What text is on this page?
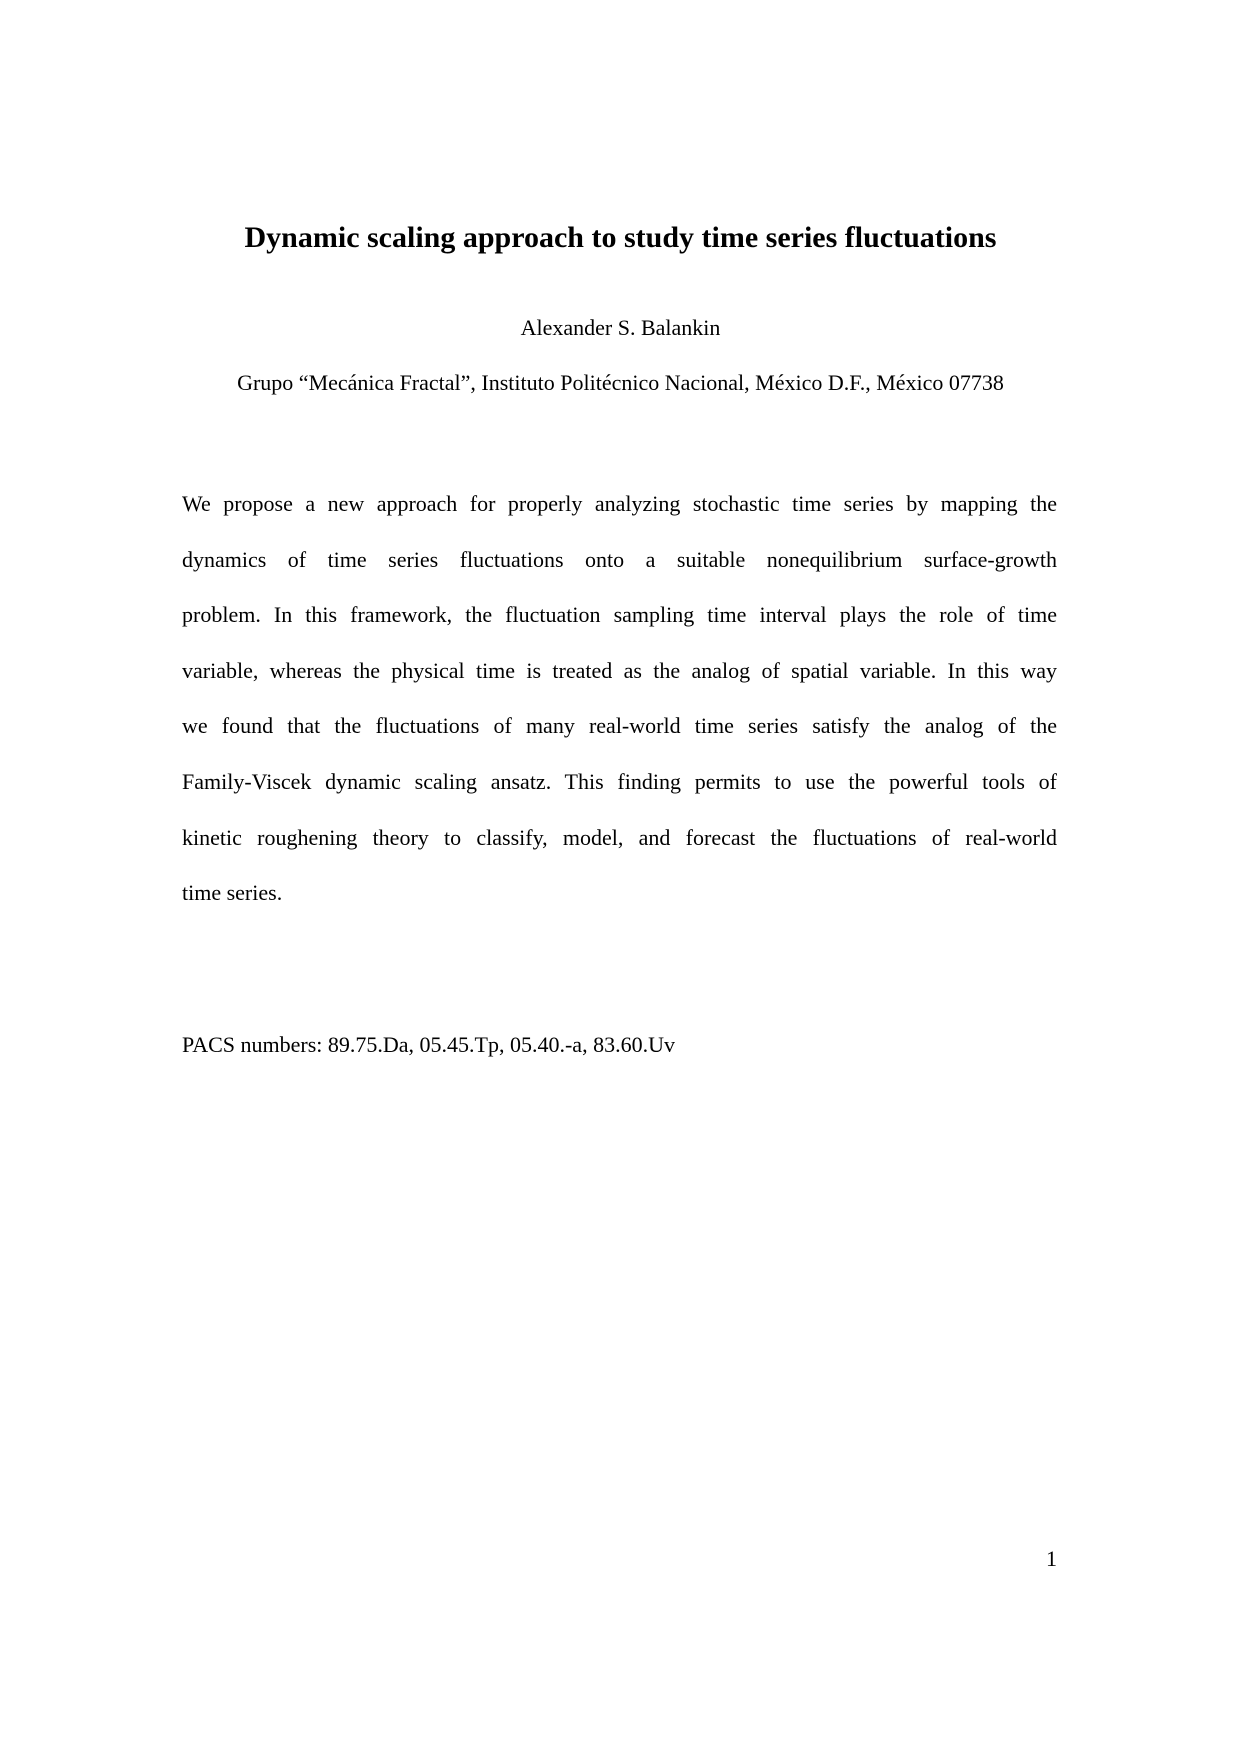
Dynamic scaling approach to study time series fluctuations
Alexander S. Balankin
Grupo “Mecánica Fractal”, Instituto Politécnico Nacional, México D.F., México 07738
We propose a new approach for properly analyzing stochastic time series by mapping the
dynamics of time series fluctuations onto a suitable nonequilibrium surface-growth
problem. In this framework, the fluctuation sampling time interval plays the role of time
variable, whereas the physical time is treated as the analog of spatial variable. In this way
we found that the fluctuations of many real-world time series satisfy the analog of the
Family-Viscek dynamic scaling ansatz. This finding permits to use the powerful tools of
kinetic roughening theory to classify, model, and forecast the fluctuations of real-world
time series.
PACS numbers: 89.75.Da, 05.45.Tp, 05.40.-a, 83.60.Uv
1
